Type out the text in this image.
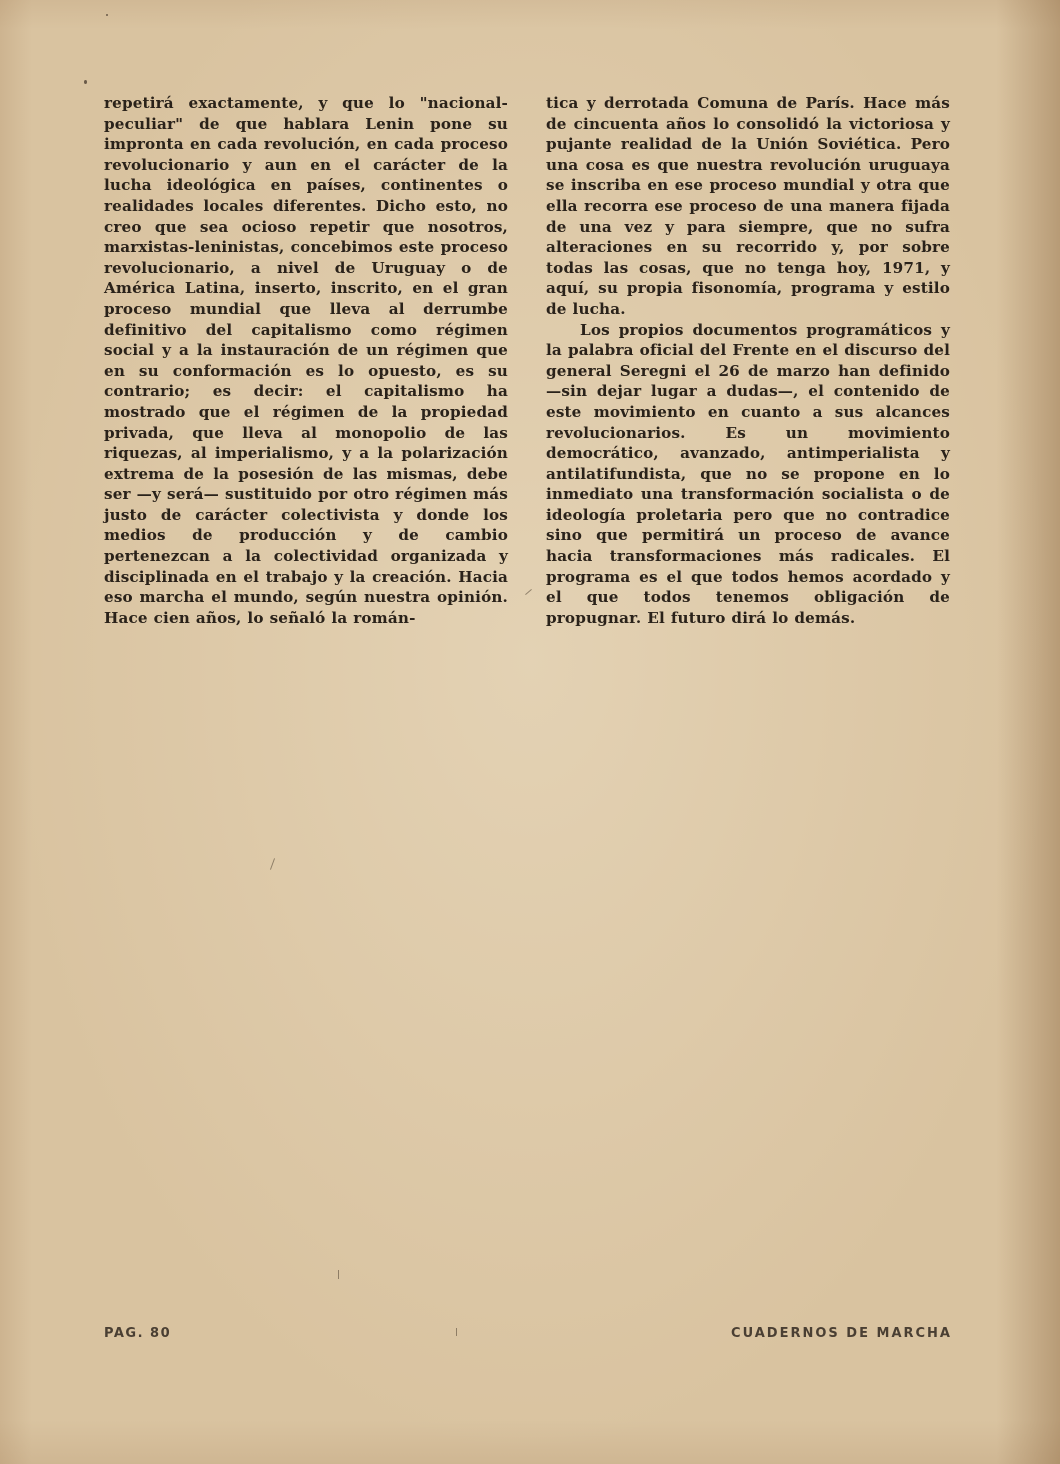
repetirá exactamente, y que lo "nacional-peculiar" de que hablara Lenin pone su impronta en cada revolución, en cada proceso revolucionario y aun en el carácter de la lucha ideológica en países, continentes o realidades locales diferentes. Dicho esto, no creo que sea ocioso repetir que nosotros, marxistas-leninistas, concebimos este proceso revolucionario, a nivel de Uruguay o de América Latina, inserto, inscrito, en el gran proceso mundial que lleva al derrumbe definitivo del capitalismo como régimen social y a la instauración de un régimen que en su conformación es lo opuesto, es su contrario; es decir: el capitalismo ha mostrado que el régimen de la propiedad privada, que lleva al monopolio de las riquezas, al imperialismo, y a la polarización extrema de la posesión de las mismas, debe ser —y será— sustituido por otro régimen más justo de carácter colectivista y donde los medios de producción y de cambio pertenezcan a la colectividad organizada y disciplinada en el trabajo y la creación. Hacia eso marcha el mundo, según nuestra opinión. Hace cien años, lo señaló la román-

tica y derrotada Comuna de París. Hace más de cincuenta años lo consolidó la victoriosa y pujante realidad de la Unión Soviética. Pero una cosa es que nuestra revolución uruguaya se inscriba en ese proceso mundial y otra que ella recorra ese proceso de una manera fijada de una vez y para siempre, que no sufra alteraciones en su recorrido y, por sobre todas las cosas, que no tenga hoy, 1971, y aquí, su propia fisonomía, programa y estilo de lucha.

Los propios documentos programáticos y la palabra oficial del Frente en el discurso del general Seregni el 26 de marzo han definido —sin dejar lugar a dudas—, el contenido de este movimiento en cuanto a sus alcances revolucionarios. Es un movimiento democrático, avanzado, antimperialista y antilatifundista, que no se propone en lo inmediato una transformación socialista o de ideología proletaria pero que no contradice sino que permitirá un proceso de avance hacia transformaciones más radicales. El programa es el que todos hemos acordado y el que todos tenemos obligación de propugnar. El futuro dirá lo demás.

PAG. 80	CUADERNOS DE MARCHA
